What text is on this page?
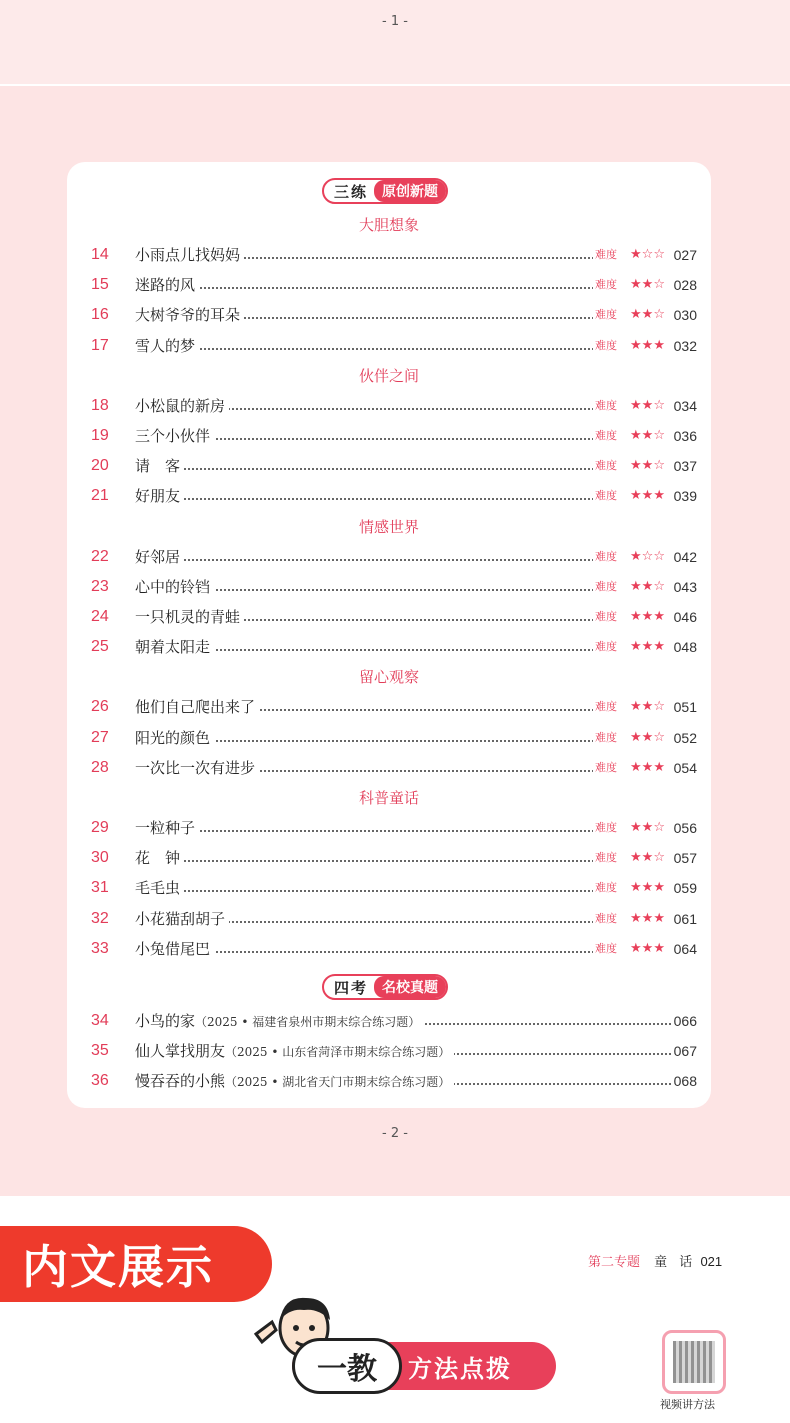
- 1 -
三练	原创新题
四考	名校真题
大胆想象
14	小雨点儿找妈妈	难度 ★☆☆ 027
15	迷路的风	难度 ★★☆ 028
16	大树爷爷的耳朵	难度 ★★☆ 030
17	雪人的梦	难度 ★★★ 032
伙伴之间
18	小松鼠的新房	难度 ★★☆ 034
19	三个小伙伴	难度 ★★☆ 036
20	请　客	难度 ★★☆ 037
21	好朋友	难度 ★★★ 039
情感世界
22	好邻居	难度 ★☆☆ 042
23	心中的铃铛	难度 ★★☆ 043
24	一只机灵的青蛙	难度 ★★★ 046
25	朝着太阳走	难度 ★★★ 048
留心观察
26	他们自己爬出来了	难度 ★★☆ 051
27	阳光的颜色	难度 ★★☆ 052
28	一次比一次有进步	难度 ★★★ 054
科普童话
29	一粒种子	难度 ★★☆ 056
30	花　钟	难度 ★★☆ 057
31	毛毛虫	难度 ★★★ 059
32	小花猫刮胡子	难度 ★★★ 061
33	小兔借尾巴	难度 ★★★ 064
34	小鸟的家（2025 • 福建省泉州市期末综合练习题）	066
35	仙人掌找朋友（2025 • 山东省菏泽市期末综合练习题）	067
36	慢吞吞的小熊（2025 • 湖北省天门市期末综合练习题）	068
- 2 -
内文展示	第二专题 童 话 021
一教 方法点拨
视频讲方法
